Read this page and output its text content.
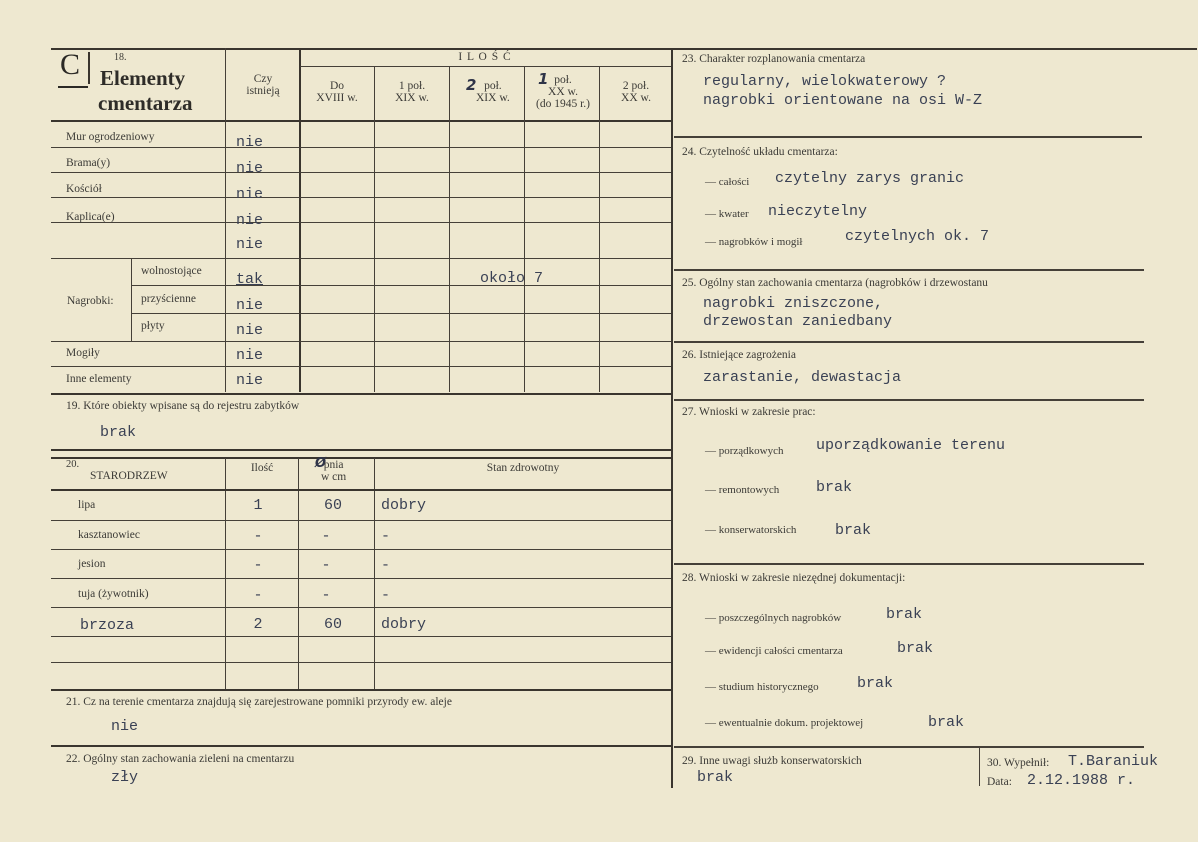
C	18.
Elementy
cmentarza
Czy
istnieją
I L O Ś Ć
Do
XVIII w.
1 poł.
XIX w.
2 poł.
XIX w.
1 poł.
XX w.
(do 1945 r.)
2 poł.
XX w.
Mur ogrodzeniowy	nie
Brama(y)	nie
Kościół	nie
Kaplica(e)	nie
nie
Nagrobki:
wolnostojące tak	około 7
przyścienne	nie
płyty	nie
Mogiły	nie
Inne elementy	nie
19. Które obiekty wpisane są do rejestru zabytków
brak
20.
STARODRZEW
Ilość	Ø
pnia
w cm
Stan zdrowotny
lipa	1	60	dobry
kasztanowiec	-	-	-
jesion	-	-	-
tuja (żywotnik)	-	-	-
brzoza	2	60	dobry
21. Cz na terenie cmentarza znajdują się zarejestrowane pomniki przyrody ew. aleje
nie
22. Ogólny stan zachowania zieleni na cmentarzu
zły
23. Charakter rozplanowania cmentarza
regularny, wielokwaterowy ?
nagrobki orientowane na osi W-Z
24. Czytelność układu cmentarza:
— całości czytelny zarys granic
— kwater nieczytelny
— nagrobków i mogił	czytelnych ok. 7
25. Ogólny stan zachowania cmentarza (nagrobków i drzewostanu
nagrobki zniszczone,
drzewostan zaniedbany
26. Istniejące zagrożenia
zarastanie, dewastacja
27. Wnioski w zakresie prac:
— porządkowych uporządkowanie terenu
— remontowych brak
— konserwatorskich	brak
28. Wnioski w zakresie niezędnej dokumentacji:
— poszczególnych nagrobków	brak
— ewidencji całości cmentarza	brak
— studium historycznego	brak
— ewentualnie dokum. projektowej	brak
29. Inne uwagi służb konserwatorskich
brak
30. Wypełnił: T.Baraniuk
Data: 2.12.1988 r.
